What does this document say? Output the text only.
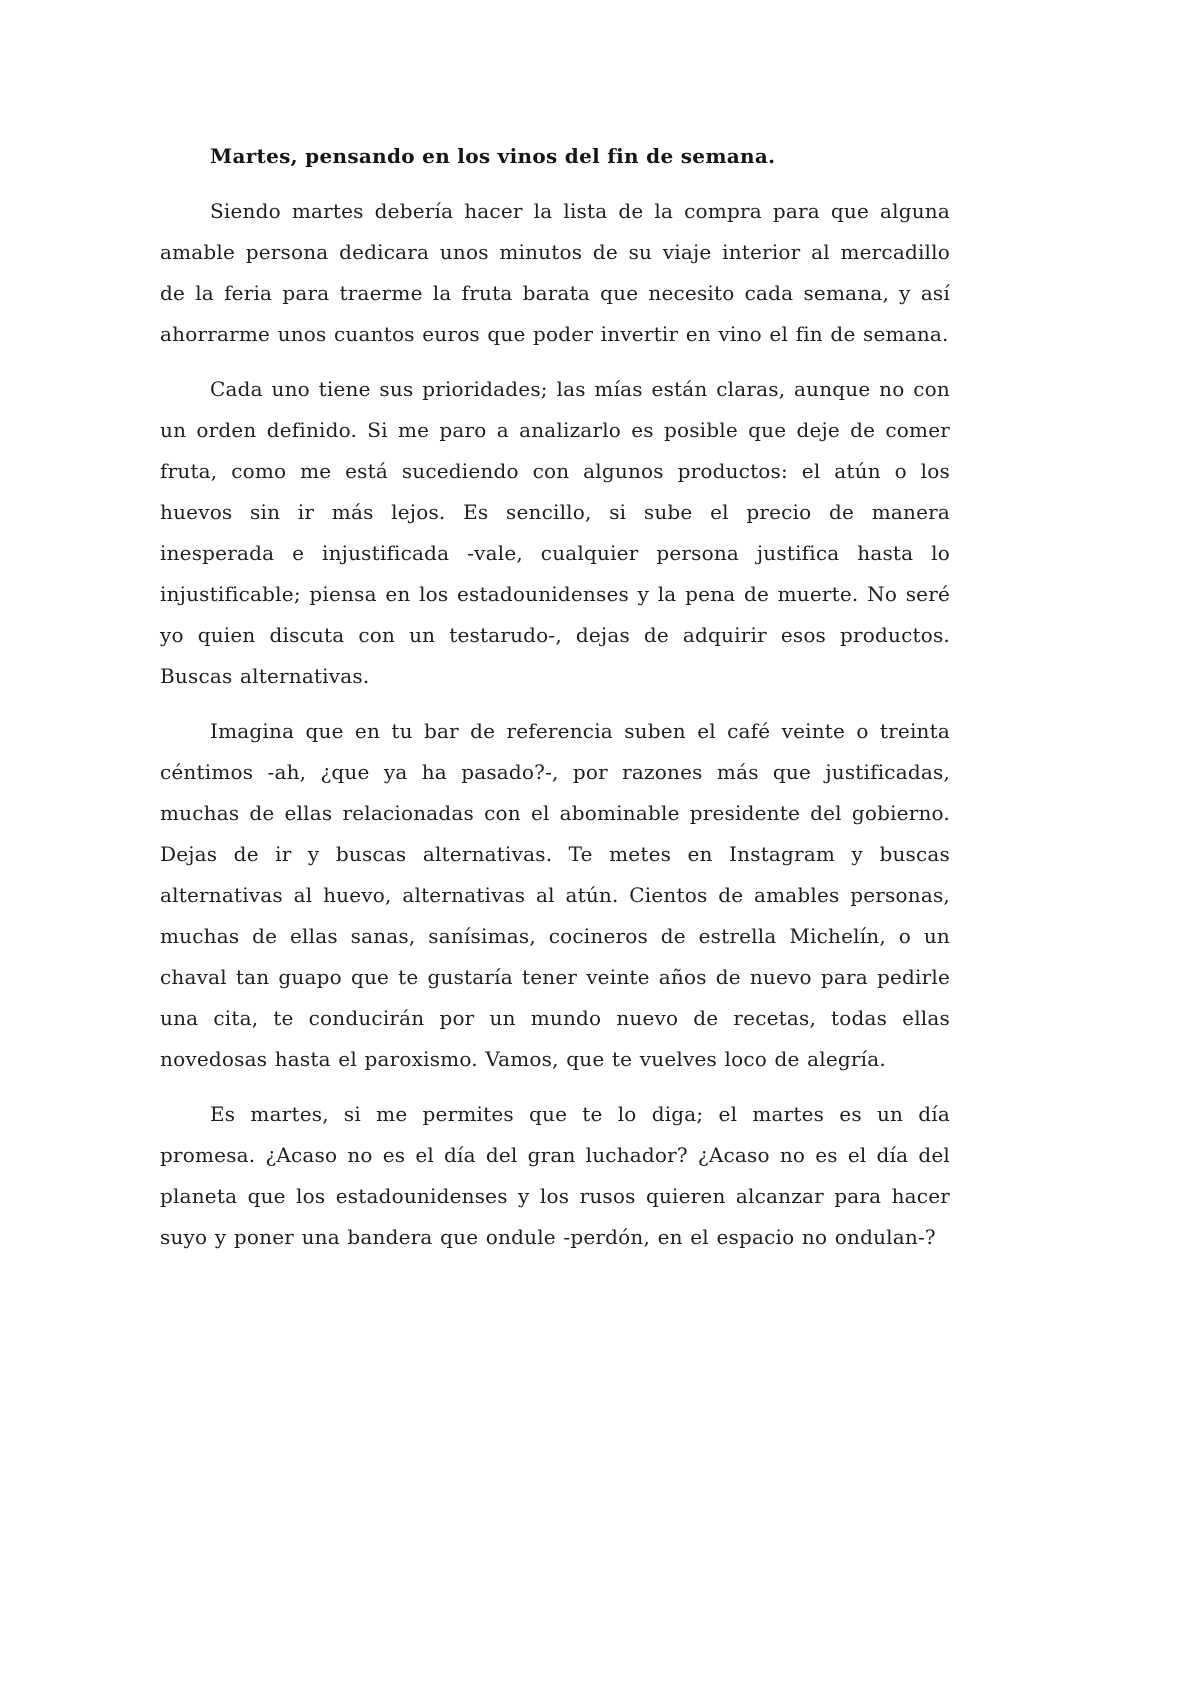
Martes, pensando en los vinos del fin de semana.

Siendo martes debería hacer la lista de la compra para que alguna amable persona dedicara unos minutos de su viaje interior al mercadillo de la feria para traerme la fruta barata que necesito cada semana, y así ahorrarme unos cuantos euros que poder invertir en vino el fin de semana.

Cada uno tiene sus prioridades; las mías están claras, aunque no con un orden definido. Si me paro a analizarlo es posible que deje de comer fruta, como me está sucediendo con algunos productos: el atún o los huevos sin ir más lejos. Es sencillo, si sube el precio de manera inesperada e injustificada -vale, cualquier persona justifica hasta lo injustificable; piensa en los estadounidenses y la pena de muerte. No seré yo quien discuta con un testarudo-, dejas de adquirir esos productos. Buscas alternativas.

Imagina que en tu bar de referencia suben el café veinte o treinta céntimos -ah, ¿que ya ha pasado?-, por razones más que justificadas, muchas de ellas relacionadas con el abominable presidente del gobierno. Dejas de ir y buscas alternativas. Te metes en Instagram y buscas alternativas al huevo, alternativas al atún. Cientos de amables personas, muchas de ellas sanas, sanísimas, cocineros de estrella Michelín, o un chaval tan guapo que te gustaría tener veinte años de nuevo para pedirle una cita, te conducirán por un mundo nuevo de recetas, todas ellas novedosas hasta el paroxismo. Vamos, que te vuelves loco de alegría.

Es martes, si me permites que te lo diga; el martes es un día promesa. ¿Acaso no es el día del gran luchador? ¿Acaso no es el día del planeta que los estadounidenses y los rusos quieren alcanzar para hacer suyo y poner una bandera que ondule -perdón, en el espacio no ondulan-?
